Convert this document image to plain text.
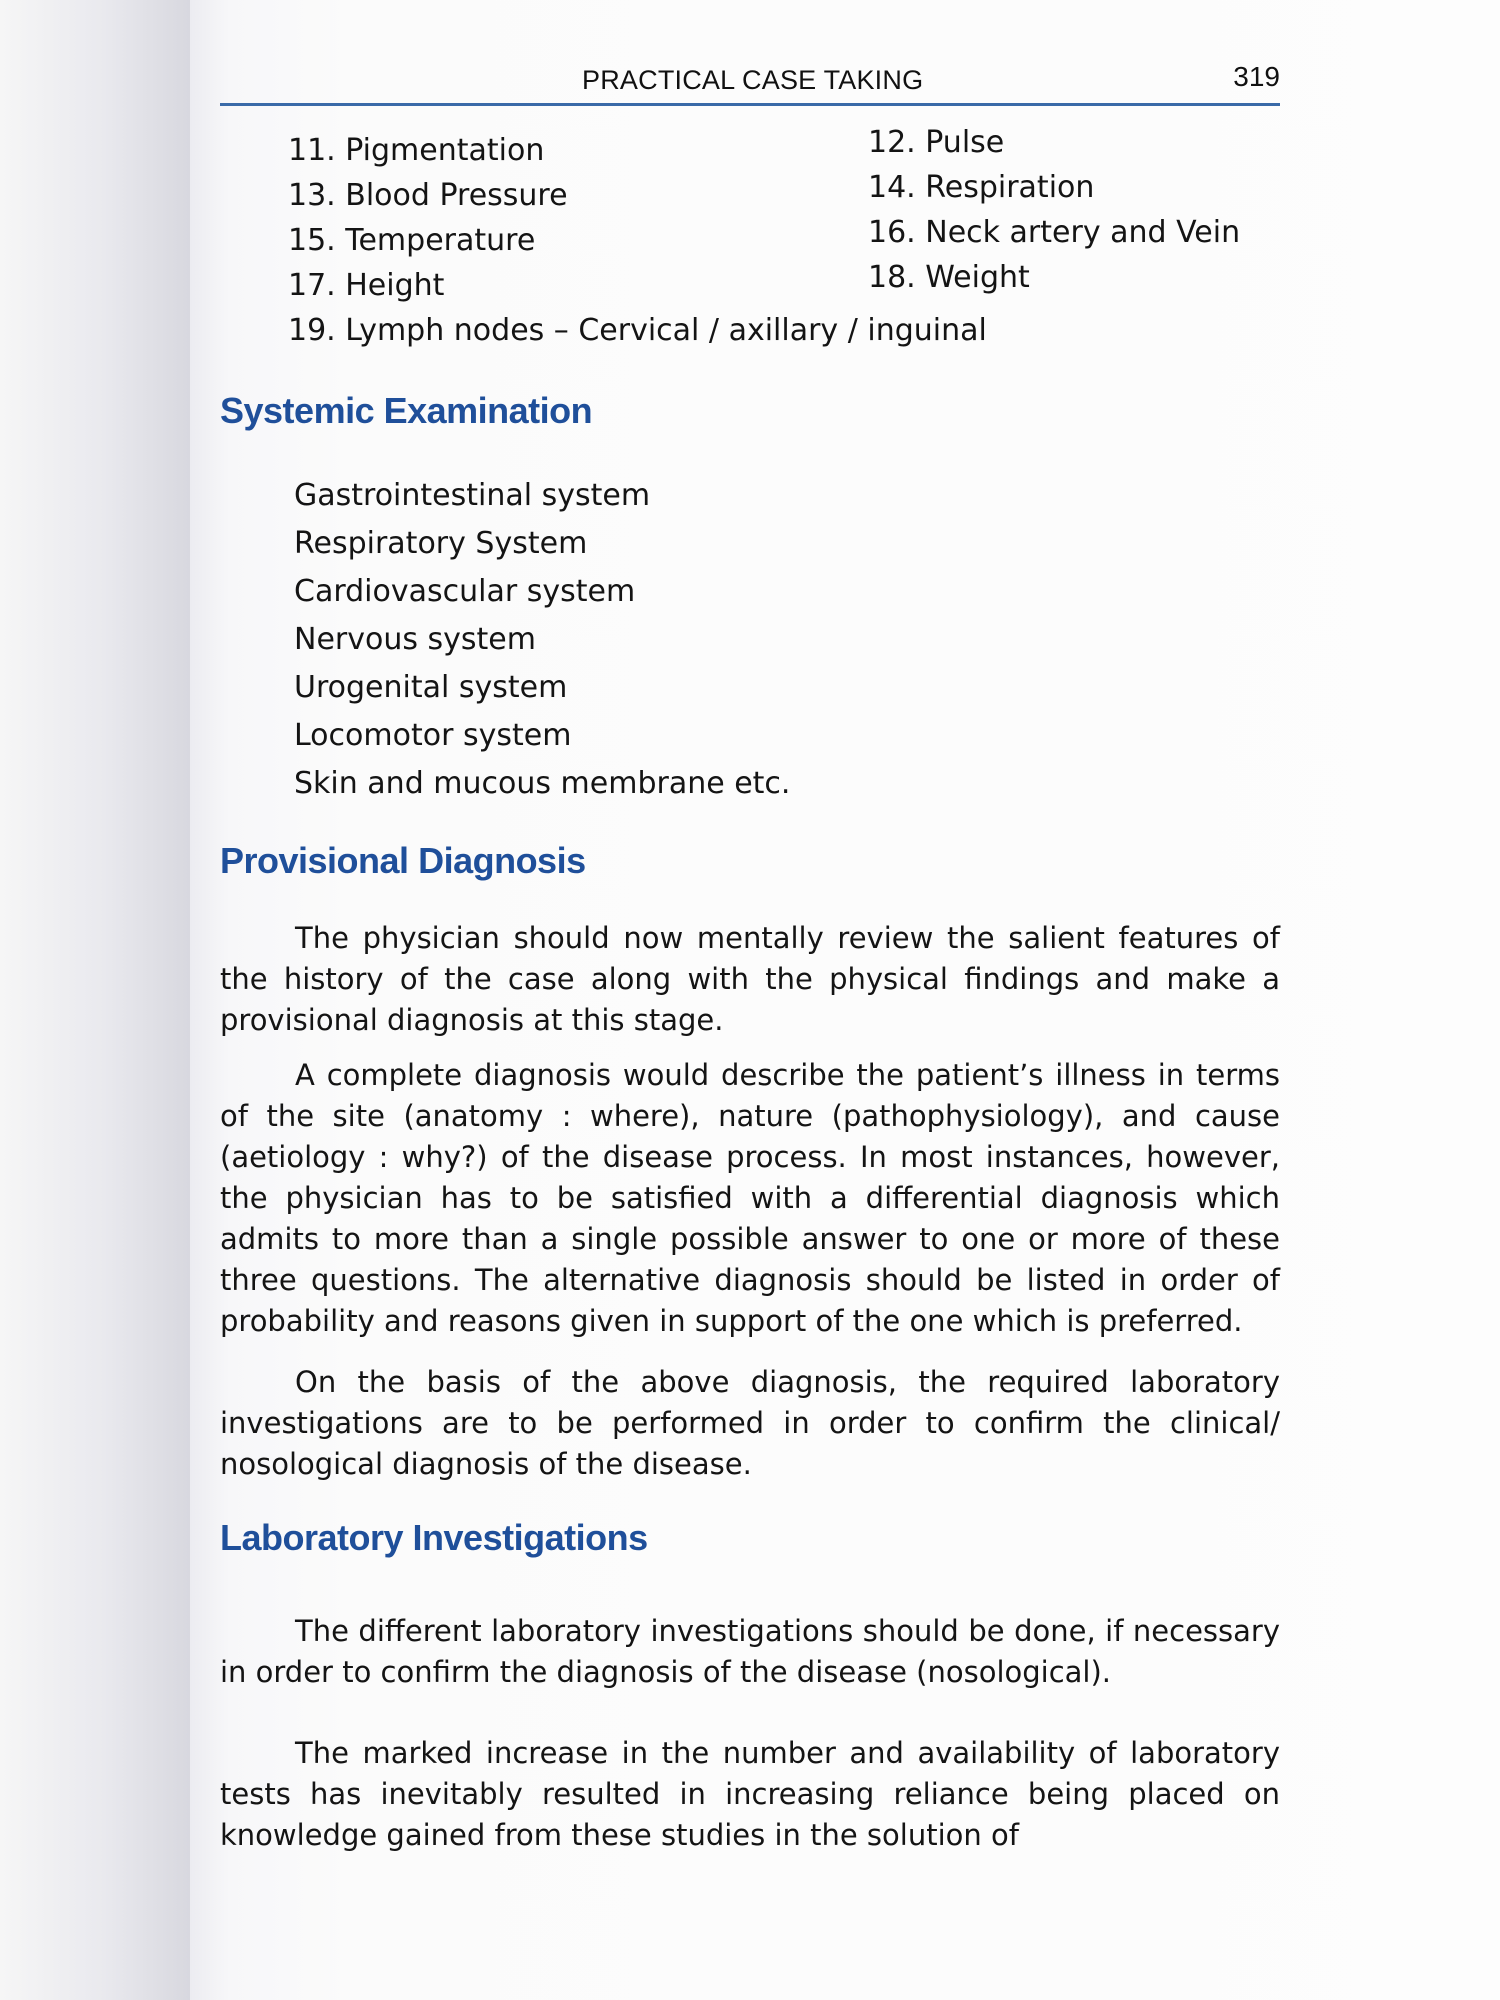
PRACTICAL CASE TAKING	319
11. Pigmentation
13. Blood Pressure
15. Temperature
17. Height
12. Pulse
14. Respiration
16. Neck artery and Vein
18. Weight
19. Lymph nodes – Cervical / axillary / inguinal
Systemic Examination
Gastrointestinal system
Respiratory System
Cardiovascular system
Nervous system
Urogenital system
Locomotor system
Skin and mucous membrane etc.
Provisional Diagnosis

The physician should now mentally review the salient features of the history of the case along with the physical findings and make a provisional diagnosis at this stage.

A complete diagnosis would describe the patient’s illness in terms of the site (anatomy : where), nature (pathophysiology), and cause (aetiology : why?) of the disease process. In most instances, however, the physician has to be satisfied with a differential diagnosis which admits to more than a single possible answer to one or more of these three questions. The alternative diagnosis should be listed in order of probability and reasons given in support of the one which is preferred.

On the basis of the above diagnosis, the required laboratory investigations are to be performed in order to confirm the clinical/ nosological diagnosis of the disease.

Laboratory Investigations

The different laboratory investigations should be done, if necessary in order to confirm the diagnosis of the disease (nosological).

The marked increase in the number and availability of laboratory tests has inevitably resulted in increasing reliance being placed on knowledge gained from these studies in the solution of
